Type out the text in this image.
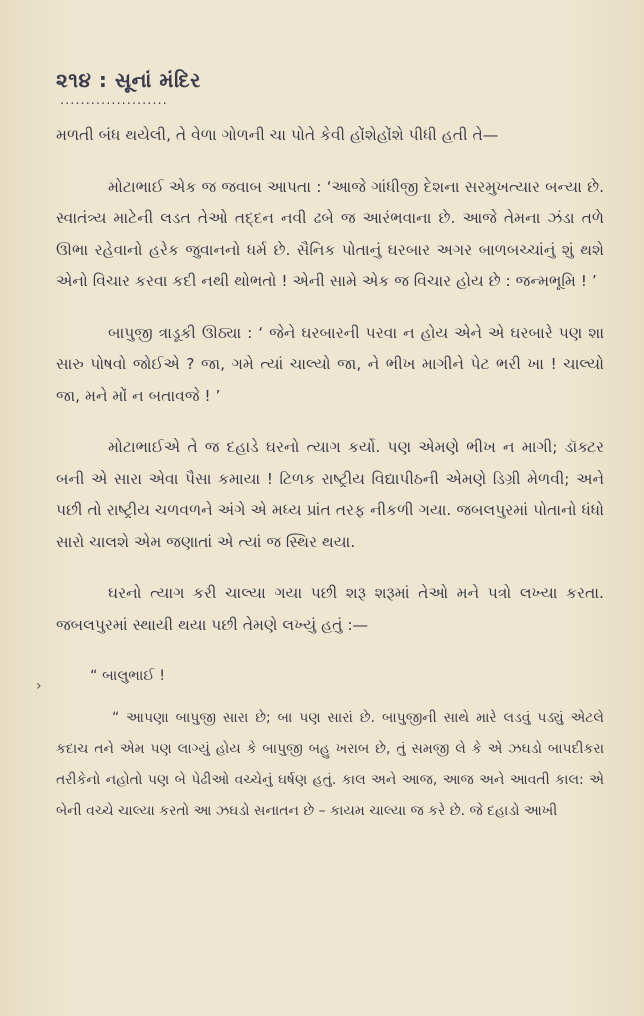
૨૧૪ : સૂનાં મંદિર
.....................

મળતી બંધ થયેલી, તે વેળા ગોળની ચા પોતે કેવી હોંશેહોંશે પીધી હતી તે—

મોટાભાઈ એક જ જવાબ આપતા : ‘આજે ગાંધીજી દેશના સરમુખત્યાર બન્યા છે. સ્વાતંત્ર્ય માટેની લડત તેઓ તદ્દન નવી ઢબે જ આરંભવાના છે. આજે તેમના ઝંડા તળે ઊભા રહેવાનો હરેક જુવાનનો ધર્મ છે. સૈનિક પોતાનું ઘરબાર અગર બાળબચ્ચાંનું શું થશે એનો વિચાર કરવા કદી નથી થોભતો ! એની સામે એક જ વિચાર હોય છે : જન્મભૂમિ ! ’

બાપુજી ત્રાડૂકી ઊઠ્યા : ‘ જેને ઘરબારની પરવા ન હોય એને એ ઘરબારે પણ શા સારુ પોષવો જોઈએ ? જા, ગમે ત્યાં ચાલ્યો જા, ને ભીખ માગીને પેટ ભરી ખા ! ચાલ્યો જા, મને મોં ન બતાવજે ! ’

મોટાભાઈએ તે જ દહાડે ઘરનો ત્યાગ કર્યો. પણ એમણે ભીખ ન માગી; ડૉક્ટર બની એ સારા એવા પૈસા કમાયા ! ટિળક રાષ્ટ્રીય વિદ્યાપીઠની એમણે ડિગ્રી મેળવી; અને પછી તો રાષ્ટ્રીય ચળવળને અંગે એ મધ્ય પ્રાંત તરફ નીકળી ગયા. જબલપુરમાં પોતાનો ધંધો સારો ચાલશે એમ જણાતાં એ ત્યાં જ સ્થિર થયા.

ઘરનો ત્યાગ કરી ચાલ્યા ગયા પછી શરૂ શરૂમાં તેઓ મને પત્રો લખ્યા કરતા. જબલપુરમાં સ્થાયી થયા પછી તેમણે લખ્યું હતું :—

“ બાલુભાઈ !

“ આપણા બાપુજી સારા છે; બા પણ સારાં છે. બાપુજીની સાથે મારે લડવું પડ્યું એટલે કદાચ તને એમ પણ લાગ્યું હોય કે બાપુજી બહુ ખરાબ છે, તું સમજી લે કે એ ઝઘડો બાપદીકરા તરીકેનો નહોતો પણ બે પેઢીઓ વચ્ચેનું ઘર્ષણ હતું. કાલ અને આજ, આજ અને આવતી કાલ: એ બેની વચ્ચે ચાલ્યા કરતો આ ઝઘડો સનાતન છે – કાયમ ચાલ્યા જ કરે છે. જે દહાડો આખી

›
